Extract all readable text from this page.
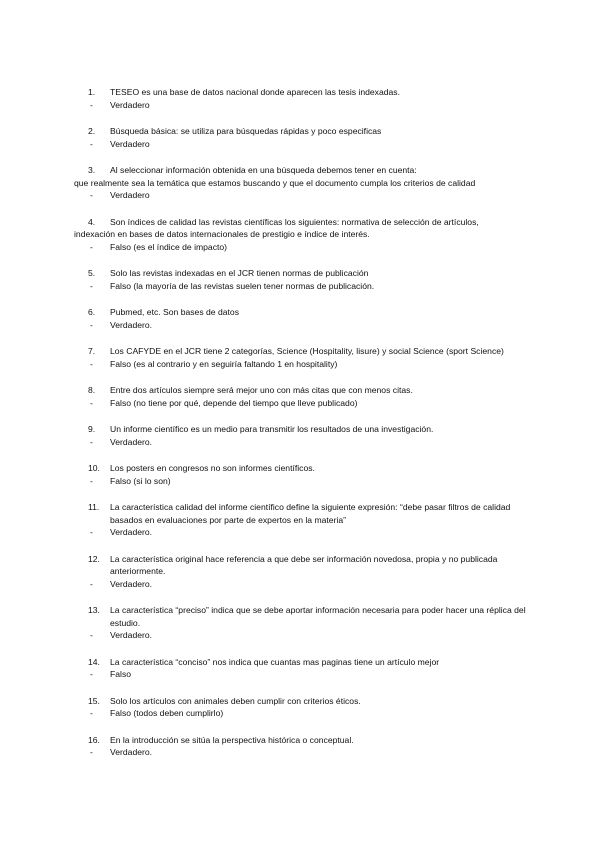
1.	TESEO es una base de datos nacional donde aparecen las tesis indexadas.
- Verdadero
2.	Búsqueda básica: se utiliza para búsquedas rápidas y poco especificas
- Verdadero
3.	Al seleccionar información obtenida en una búsqueda debemos tener en cuenta:
que realmente sea la temática que estamos buscando y que el documento cumpla los criterios de calidad
- Verdadero
4.	Son índices de calidad las revistas científicas los siguientes: normativa de selección de artículos,
indexación en bases de datos internacionales de prestigio e índice de interés.
- Falso (es el índice de impacto)
5.	Solo las revistas indexadas en el JCR tienen normas de publicación
- Falso (la mayoría de las revistas suelen tener normas de publicación.
6.	Pubmed, etc. Son bases de datos
- Verdadero.
7.	Los CAFYDE en el JCR tiene 2 categorías, Science (Hospitality, lisure) y social Science (sport Science)
- Falso (es al contrario y en seguiría faltando 1 en hospitality)
8.	Entre dos artículos siempre será mejor uno con más citas que con menos citas.
- Falso (no tiene por qué, depende del tiempo que lleve publicado)
9.	Un informe científico es un medio para transmitir los resultados de una investigación.
- Verdadero.
10.	Los posters en congresos no son informes científicos.
- Falso (si lo son)
11.	La característica calidad del informe científico define la siguiente expresión: “debe pasar filtros de calidad basados en evaluaciones por parte de expertos en la materia”
- Verdadero.
12.	La característica original hace referencia a que debe ser información novedosa, propia y no publicada anteriormente.
- Verdadero.
13.	La característica “preciso” indica que se debe aportar información necesaria para poder hacer una réplica del estudio.
- Verdadero.
14.	La característica “conciso” nos indica que cuantas mas paginas tiene un artículo mejor
- Falso
15.	Solo los artículos con animales deben cumplir con criterios éticos.
- Falso (todos deben cumplirlo)
16.	En la introducción se sitúa la perspectiva histórica o conceptual.
- Verdadero.
